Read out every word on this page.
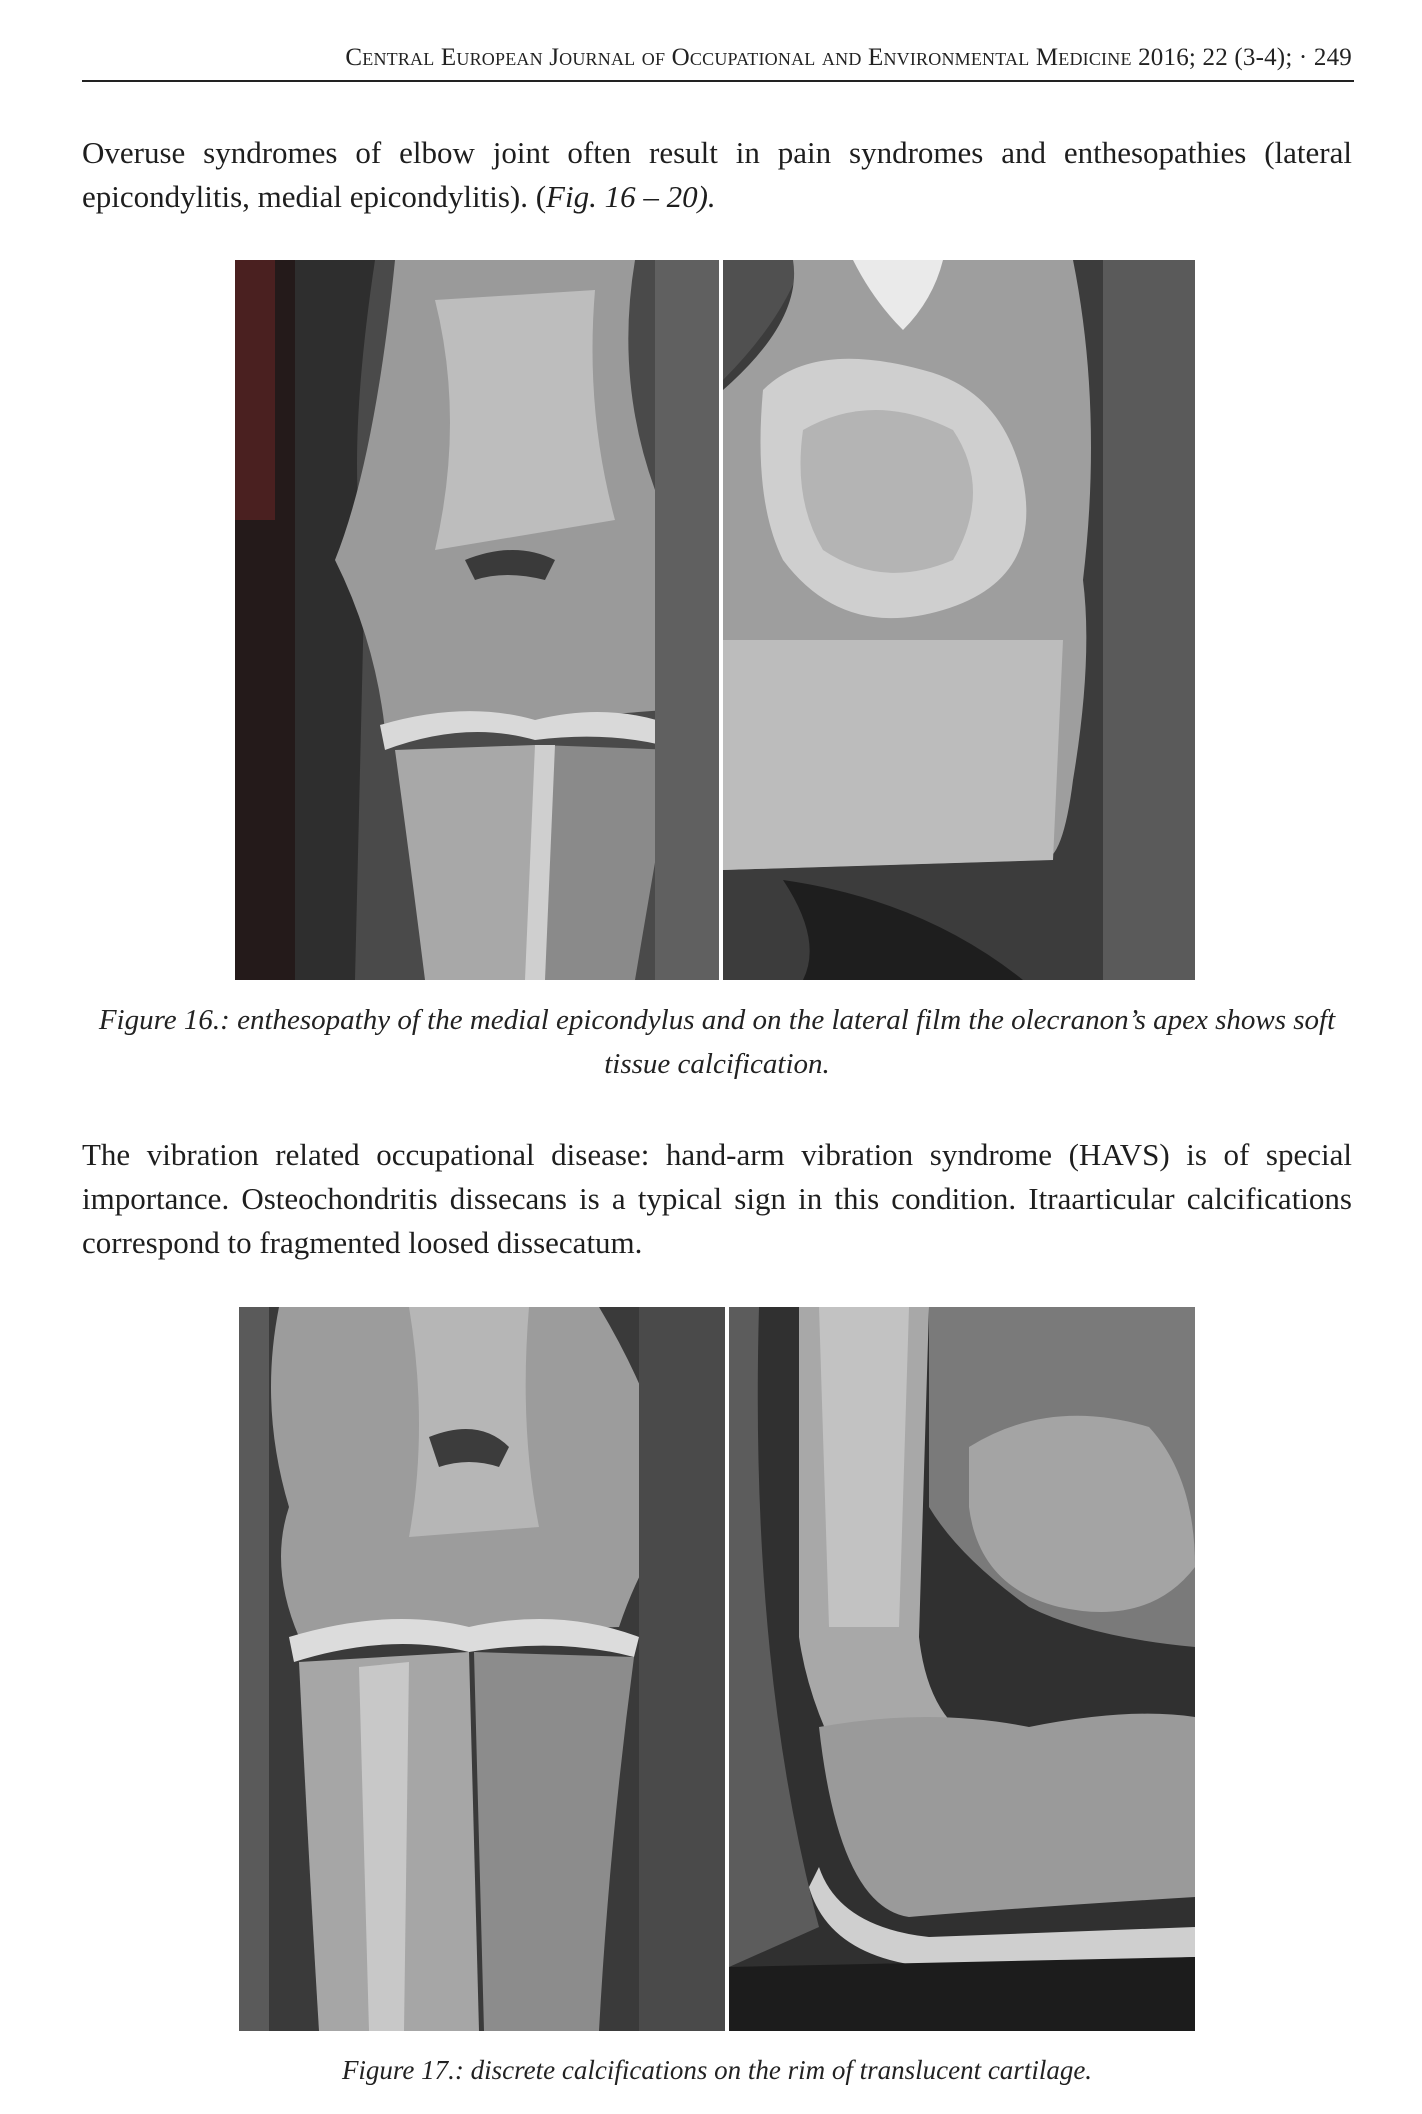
Central European Journal of Occupational and Environmental Medicine 2016; 22 (3-4); · 249

Overuse syndromes of elbow joint often result in pain syndromes and enthesopathies (lateral epicondylitis, medial epicondylitis). (Fig. 16 – 20).

Figure 16.: enthesopathy of the medial epicondylus and on the lateral film the olecranon’s apex shows soft tissue calcification.

The vibration related occupational disease: hand-arm vibration syndrome (HAVS) is of special importance. Osteochondritis dissecans is a typical sign in this condition. Itraarticular calcifications correspond to fragmented loosed dissecatum.

Figure 17.: discrete calcifications on the rim of translucent cartilage.
